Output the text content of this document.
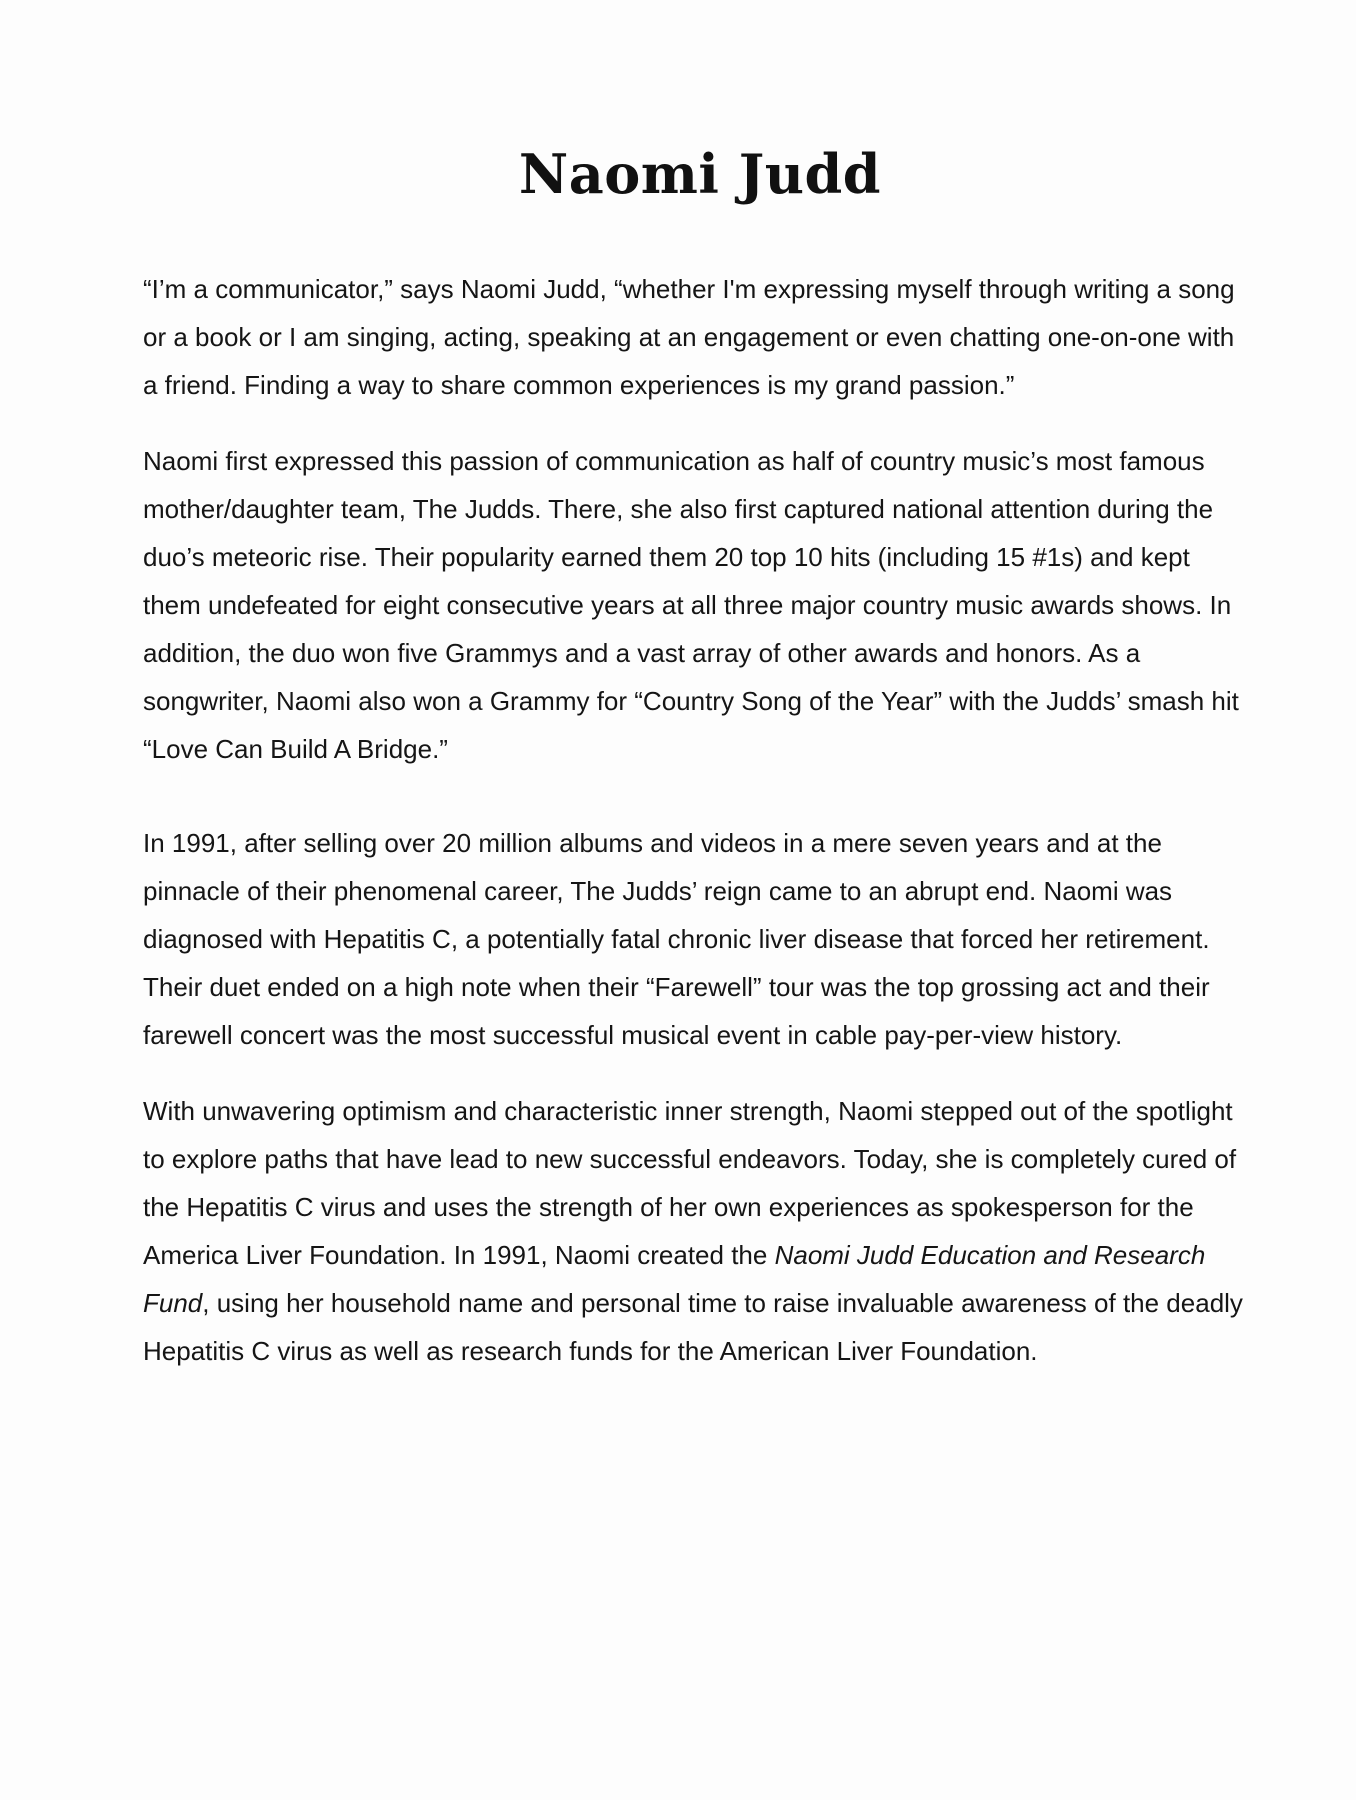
Naomi Judd

“I’m a communicator,” says Naomi Judd, “whether I'm expressing myself through writing a song or a book or I am singing, acting, speaking at an engagement or even chatting one-on-one with a friend. Finding a way to share common experiences is my grand passion.”

Naomi first expressed this passion of communication as half of country music’s most famous mother/daughter team, The Judds. There, she also first captured national attention during the duo’s meteoric rise. Their popularity earned them 20 top 10 hits (including 15 #1s) and kept them undefeated for eight consecutive years at all three major country music awards shows. In addition, the duo won five Grammys and a vast array of other awards and honors. As a songwriter, Naomi also won a Grammy for “Country Song of the Year” with the Judds’ smash hit “Love Can Build A Bridge.”

In 1991, after selling over 20 million albums and videos in a mere seven years and at the pinnacle of their phenomenal career, The Judds’ reign came to an abrupt end. Naomi was diagnosed with Hepatitis C, a potentially fatal chronic liver disease that forced her retirement. Their duet ended on a high note when their “Farewell” tour was the top grossing act and their farewell concert was the most successful musical event in cable pay-per-view history.

With unwavering optimism and characteristic inner strength, Naomi stepped out of the spotlight to explore paths that have lead to new successful endeavors. Today, she is completely cured of the Hepatitis C virus and uses the strength of her own experiences as spokesperson for the America Liver Foundation. In 1991, Naomi created the Naomi Judd Education and Research Fund, using her household name and personal time to raise invaluable awareness of the deadly Hepatitis C virus as well as research funds for the American Liver Foundation.
